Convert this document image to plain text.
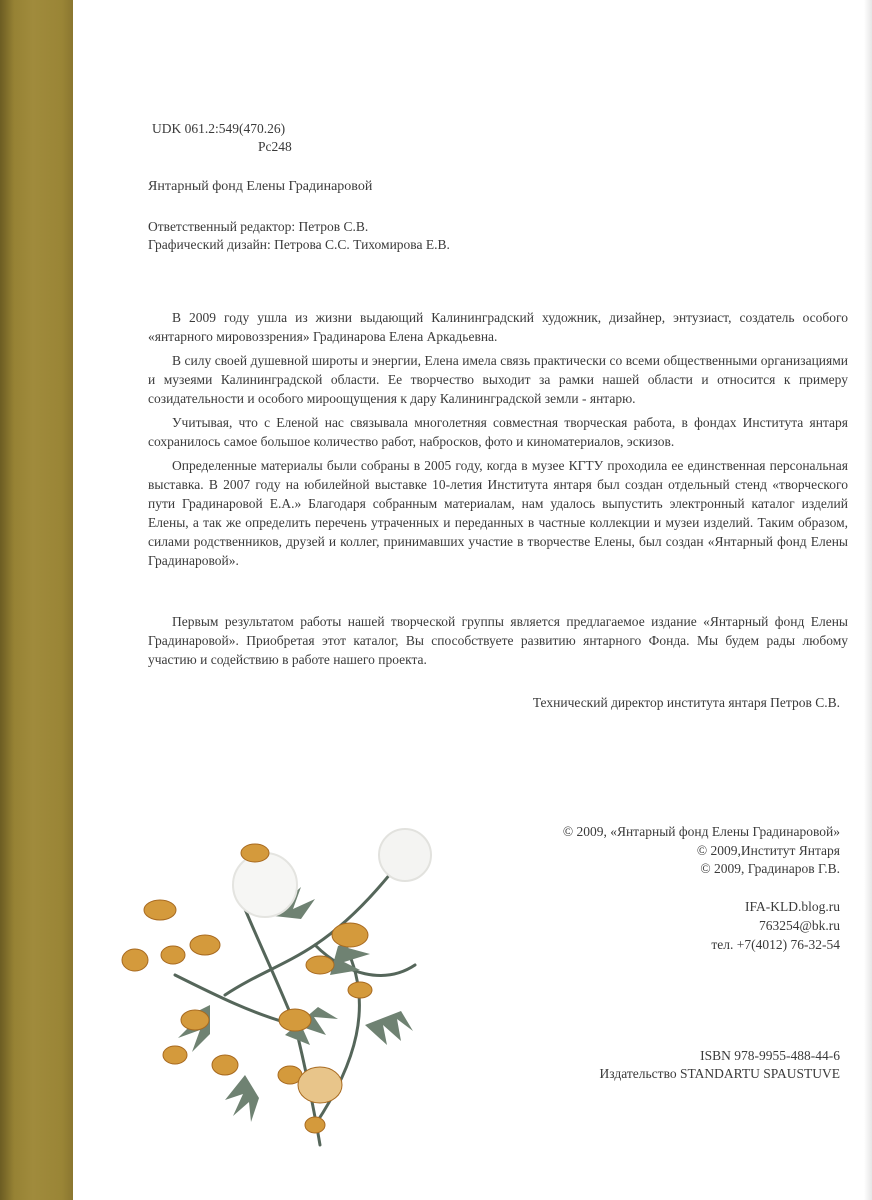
UDK 061.2:549(470.26)

Pc248

Янтарный фонд Елены Градинаровой

Ответственный редактор: Петров С.В.

Графический дизайн: Петрова С.С. Тихомирова Е.В.

В 2009 году ушла из жизни выдающий Калининградский художник, дизайнер, энтузиаст, создатель особого «янтарного мировоззрения» Градинарова Елена Аркадьевна.

В силу своей душевной широты и энергии, Елена имела связь практически со всеми общественными организациями и музеями Калининградской области. Ее творчество выходит за рамки нашей области и относится к примеру созидательности и особого мироощущения к дару Калининградской земли - янтарю.

Учитывая, что с Еленой нас связывала многолетняя совместная творческая работа, в фондах Института янтаря сохранилось самое большое количество работ, набросков, фото и киноматериалов, эскизов.

Определенные материалы были собраны в 2005 году, когда в музее КГТУ проходила ее единственная персональная выставка. В 2007 году на юбилейной выставке 10-летия Института янтаря был создан отдельный стенд «творческого пути Градинаровой Е.А.» Благодаря собранным материалам, нам удалось выпустить электронный каталог изделий Елены, а так же определить перечень утраченных и переданных в частные коллекции и музеи изделий. Таким образом, силами родственников, друзей и коллег, принимавших участие в творчестве Елены, был создан «Янтарный фонд Елены Градинаровой».

Первым результатом работы нашей творческой группы является предлагаемое издание «Янтарный фонд Елены Градинаровой». Приобретая этот каталог, Вы способствуете развитию янтарного Фонда. Мы будем рады любому участию и содействию в работе нашего проекта.

Технический директор института янтаря Петров С.В.

© 2009, «Янтарный фонд Елены Градинаровой»

© 2009,Институт Янтаря

© 2009, Градинаров Г.В.

IFA-KLD.blog.ru

763254@bk.ru

тел. +7(4012) 76-32-54

ISBN 978-9955-488-44-6

Издательство STANDARTU SPAUSTUVE
